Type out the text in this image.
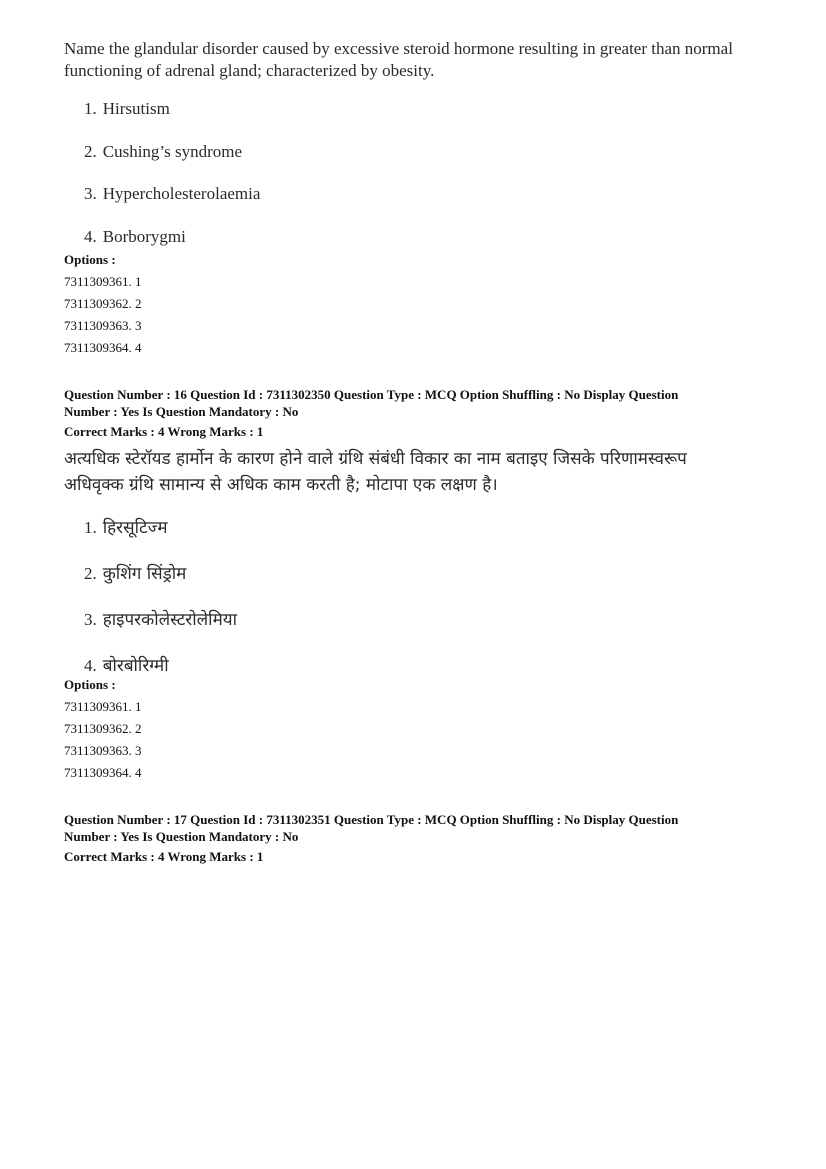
Name the glandular disorder caused by excessive steroid hormone resulting in greater than normal functioning of adrenal gland; characterized by obesity.
1. Hirsutism
2. Cushing’s syndrome
3. Hypercholesterolaemia
4. Borborygmi
Options :
7311309361. 1
7311309362. 2
7311309363. 3
7311309364. 4
Question Number : 16 Question Id : 7311302350 Question Type : MCQ Option Shuffling : No Display Question
Number : Yes Is Question Mandatory : No
Correct Marks : 4 Wrong Marks : 1
अत्यधिक स्टेरॉयड हार्मोन के कारण होने वाले ग्रंथि संबंधी विकार का नाम बताइए जिसके परिणामस्वरूप
अधिवृक्क ग्रंथि सामान्य से अधिक काम करती है; मोटापा एक लक्षण है।
1. हिरसूटिज्म
2. कुशिंग सिंड्रोम
3. हाइपरकोलेस्टरोलेमिया
4. बोरबोरिग्मी
Options :
7311309361. 1
7311309362. 2
7311309363. 3
7311309364. 4
Question Number : 17 Question Id : 7311302351 Question Type : MCQ Option Shuffling : No Display Question
Number : Yes Is Question Mandatory : No
Correct Marks : 4 Wrong Marks : 1
